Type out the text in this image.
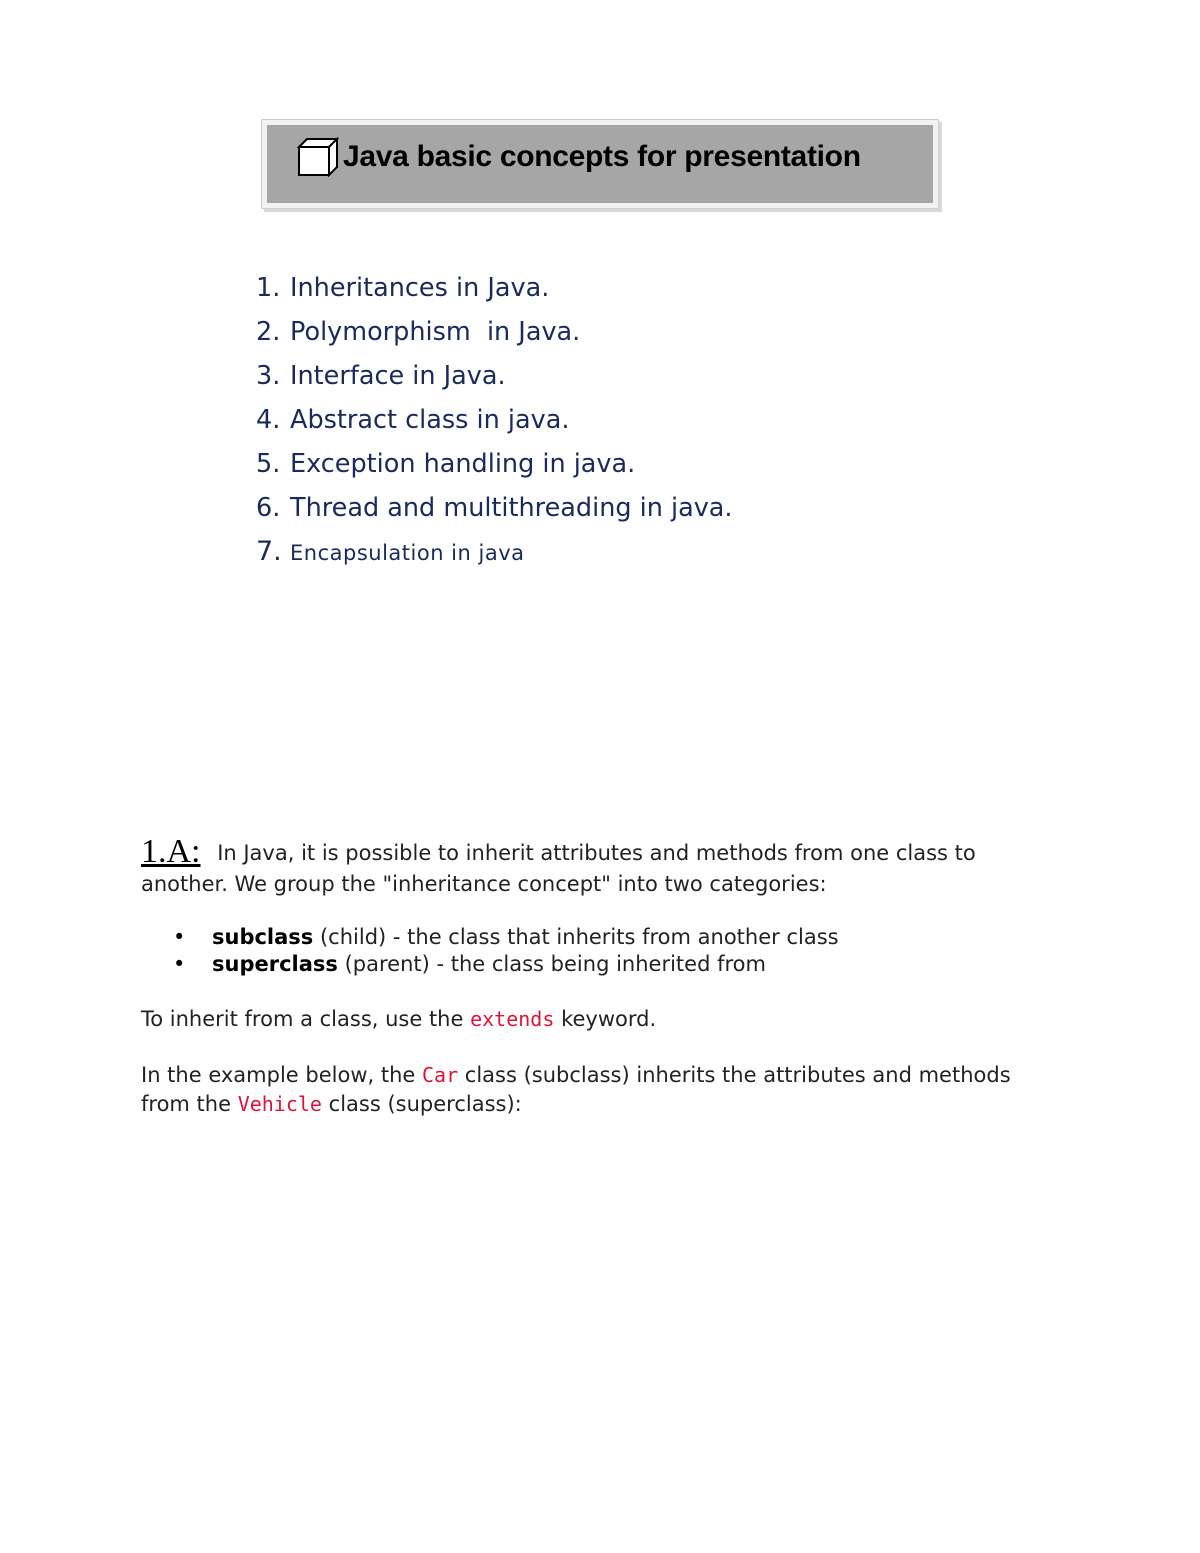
Java basic concepts for presentation
1. Inheritances in Java.
2. Polymorphism  in Java.
3. Interface in Java.
4. Abstract class in java.
5. Exception handling in java.
6. Thread and multithreading in java.
7. Encapsulation in java
1.A: In Java, it is possible to inherit attributes and methods from one class to another. We group the "inheritance concept" into two categories:
• subclass (child) - the class that inherits from another class
• superclass (parent) - the class being inherited from
To inherit from a class, use the extends keyword.
In the example below, the Car class (subclass) inherits the attributes and methods from the Vehicle class (superclass):
